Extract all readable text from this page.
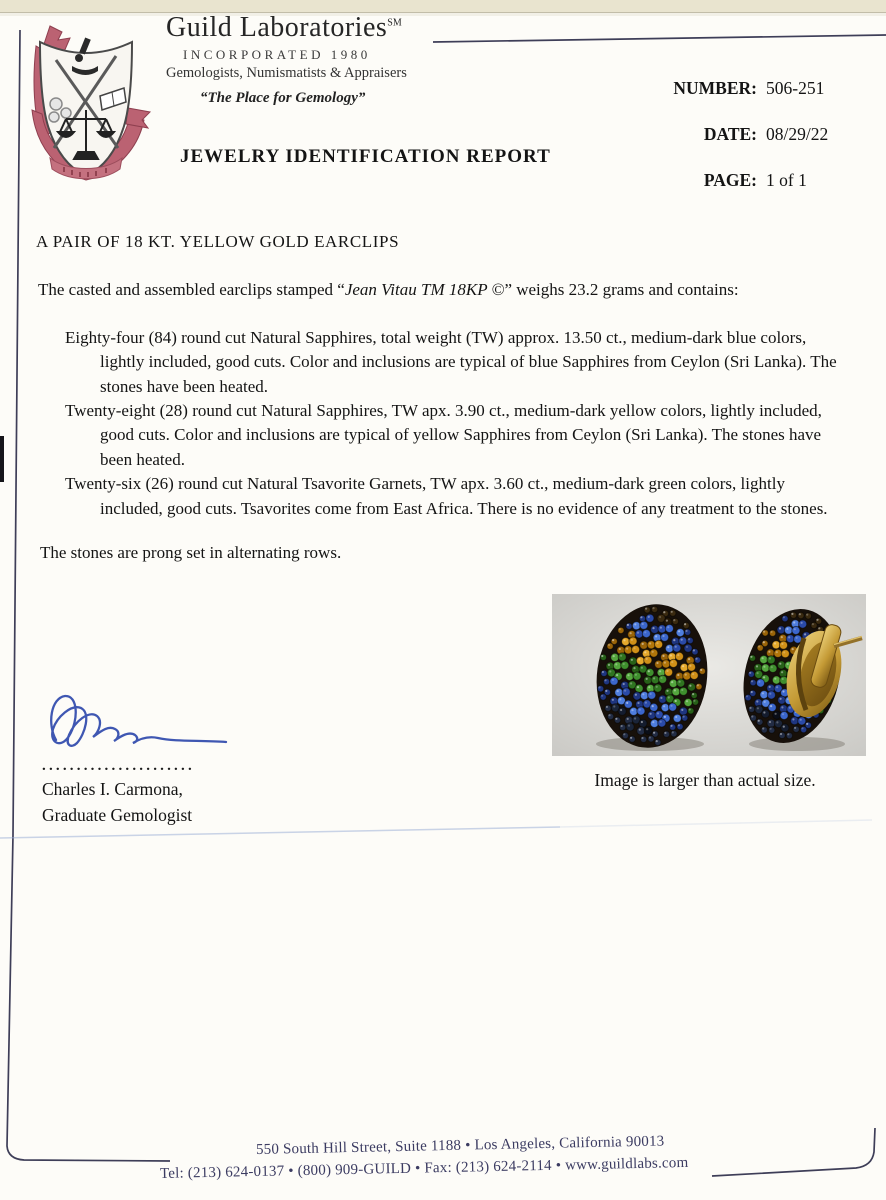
Guild Laboratories℠
INCORPORATED 1980
Gemologists, Numismatists & Appraisers
“The Place for Gemology”
JEWELRY IDENTIFICATION REPORT
NUMBER: 506-251
DATE: 08/29/22
PAGE: 1 of 1

A PAIR OF 18 KT. YELLOW GOLD EARCLIPS

The casted and assembled earclips stamped “Jean Vitau TM 18KP ©” weighs 23.2 grams and contains:

Eighty-four (84) round cut Natural Sapphires, total weight (TW) approx. 13.50 ct., medium-dark blue colors, lightly included, good cuts. Color and inclusions are typical of blue Sapphires from Ceylon (Sri Lanka). The stones have been heated.

Twenty-eight (28) round cut Natural Sapphires, TW apx. 3.90 ct., medium-dark yellow colors, lightly included, good cuts. Color and inclusions are typical of yellow Sapphires from Ceylon (Sri Lanka). The stones have been heated.

Twenty-six (26) round cut Natural Tsavorite Garnets, TW apx. 3.60 ct., medium-dark green colors, lightly included, good cuts. Tsavorites come from East Africa. There is no evidence of any treatment to the stones.

The stones are prong set in alternating rows.

Image is larger than actual size.
......................
Charles I. Carmona,
Graduate Gemologist
550 South Hill Street, Suite 1188 • Los Angeles, California 90013
Tel: (213) 624-0137 • (800) 909-GUILD • Fax: (213) 624-2114 • www.guildlabs.com
